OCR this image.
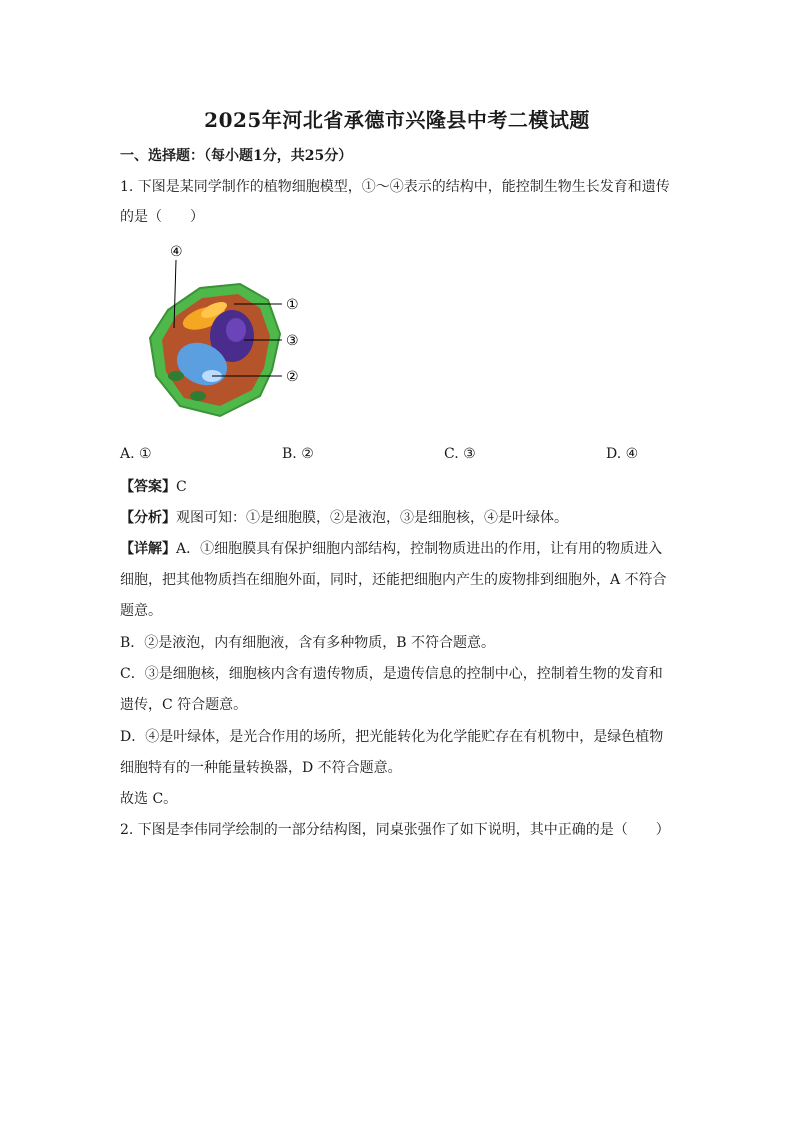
2025年河北省承德市兴隆县中考二模试题
一、选择题：（每小题1分，共25分）
1. 下图是某同学制作的植物细胞模型，①～④表示的结构中，能控制生物生长发育和遗传
的是（　　）
④
①
③
②
A. ①	B. ②	C. ③	D. ④
【答案】C
【分析】观图可知：①是细胞膜，②是液泡，③是细胞核，④是叶绿体。
【详解】A．①细胞膜具有保护细胞内部结构，控制物质进出的作用，让有用的物质进入
细胞，把其他物质挡在细胞外面，同时，还能把细胞内产生的废物排到细胞外，A 不符合
题意。
B．②是液泡，内有细胞液，含有多种物质，B 不符合题意。
C．③是细胞核，细胞核内含有遗传物质，是遗传信息的控制中心，控制着生物的发育和
遗传，C 符合题意。
D．④是叶绿体，是光合作用的场所，把光能转化为化学能贮存在有机物中，是绿色植物
细胞特有的一种能量转换器，D 不符合题意。
故选 C。
2. 下图是李伟同学绘制的一部分结构图，同桌张强作了如下说明，其中正确的是（　　）
